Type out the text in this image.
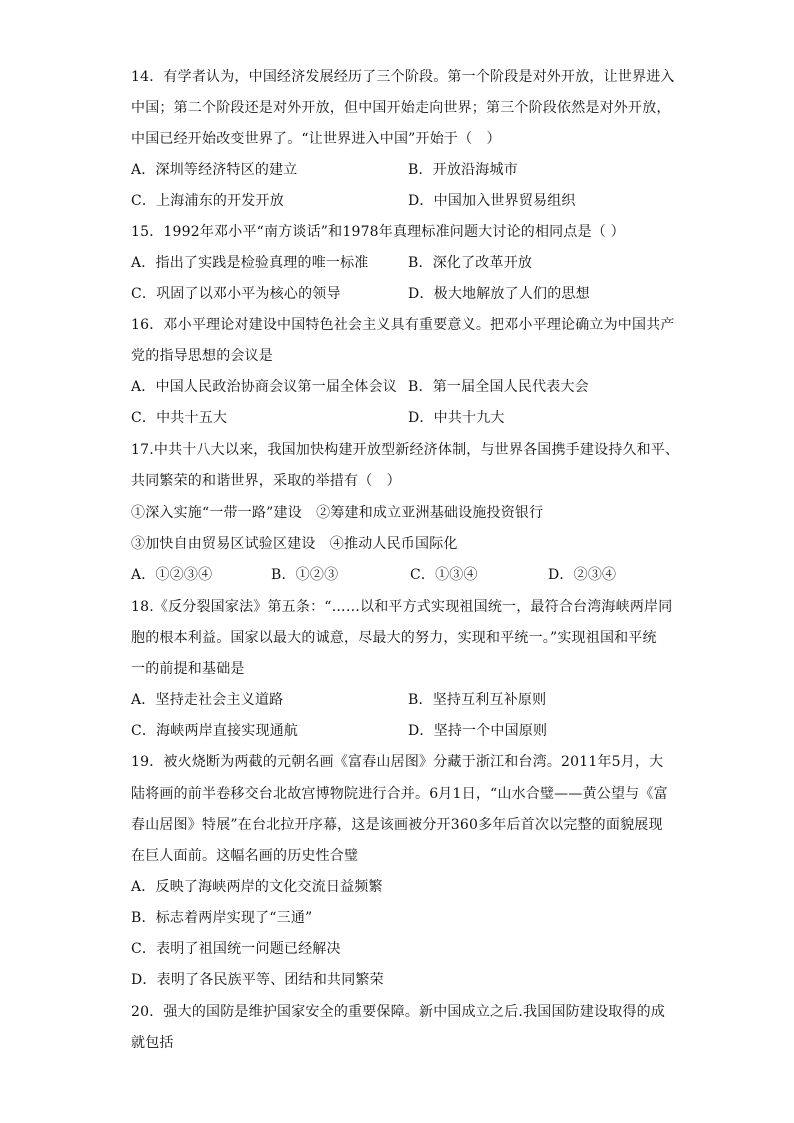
14．有学者认为，中国经济发展经历了三个阶段。第一个阶段是对外开放，让世界进入
中国；第二个阶段还是对外开放，但中国开始走向世界；第三个阶段依然是对外开放，
中国已经开始改变世界了。“让世界进入中国”开始于（　）
A．深圳等经济特区的建立	B．开放沿海城市
C．上海浦东的开发开放	D．中国加入世界贸易组织
15．1992年邓小平“南方谈话”和1978年真理标准问题大讨论的相同点是（ ）
A．指出了实践是检验真理的唯一标准	B．深化了改革开放
C．巩固了以邓小平为核心的领导	D．极大地解放了人们的思想
16．邓小平理论对建设中国特色社会主义具有重要意义。把邓小平理论确立为中国共产
党的指导思想的会议是
A．中国人民政治协商会议第一届全体会议 B．第一届全国人民代表大会
C．中共十五大	D．中共十九大
17.中共十八大以来，我国加快构建开放型新经济体制，与世界各国携手建设持久和平、
共同繁荣的和谐世界，采取的举措有（　）
①深入实施“一带一路”建设　②筹建和成立亚洲基础设施投资银行
③加快自由贸易区试验区建设　④推动人民币国际化
A．①②③④	B．①②③	C．①③④	D．②③④
18.《反分裂国家法》第五条：“……以和平方式实现祖国统一，最符合台湾海峡两岸同
胞的根本利益。国家以最大的诚意，尽最大的努力，实现和平统一。”实现祖国和平统
一的前提和基础是
A．坚持走社会主义道路	B．坚持互利互补原则
C．海峡两岸直接实现通航	D．坚持一个中国原则
19．被火烧断为两截的元朝名画《富春山居图》分藏于浙江和台湾。2011年5月，大
陆将画的前半卷移交台北故宫博物院进行合并。6月1日，“山水合璧——黄公望与《富
春山居图》特展”在台北拉开序幕，这是该画被分开360多年后首次以完整的面貌展现
在巨人面前。这幅名画的历史性合璧
A．反映了海峡两岸的文化交流日益频繁
B．标志着两岸实现了“三通”
C．表明了祖国统一问题已经解决
D．表明了各民族平等、团结和共同繁荣
20．强大的国防是维护国家安全的重要保障。新中国成立之后.我国国防建设取得的成
就包括
